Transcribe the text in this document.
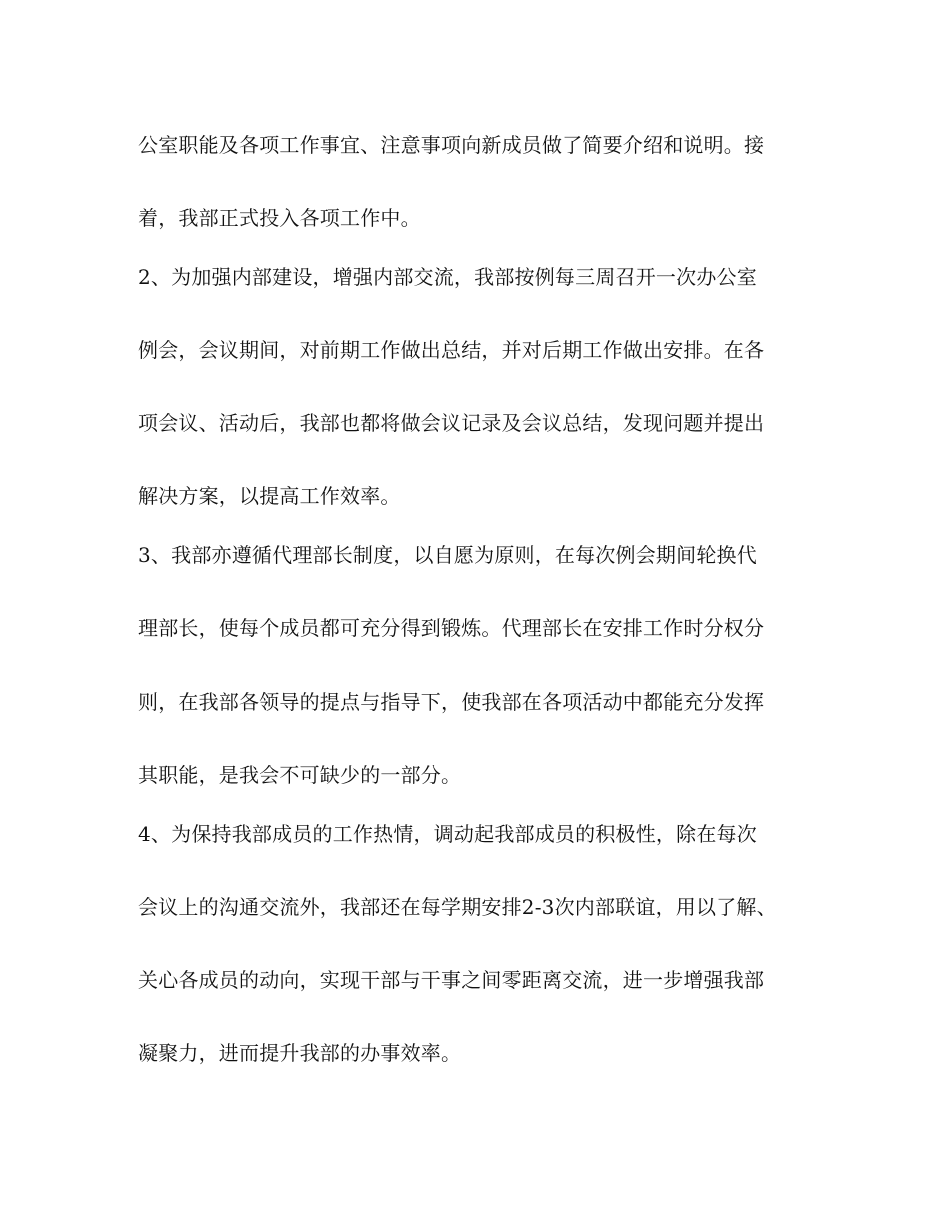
公室职能及各项工作事宜、注意事项向新成员做了简要介绍和说明。接
着，我部正式投入各项工作中。
2、为加强内部建设，增强内部交流，我部按例每三周召开一次办公室
例会，会议期间，对前期工作做出总结，并对后期工作做出安排。在各
项会议、活动后，我部也都将做会议记录及会议总结，发现问题并提出
解决方案，以提高工作效率。
3、我部亦遵循代理部长制度，以自愿为原则，在每次例会期间轮换代
理部长，使每个成员都可充分得到锻炼。代理部长在安排工作时分权分
则，在我部各领导的提点与指导下，使我部在各项活动中都能充分发挥
其职能，是我会不可缺少的一部分。
4、为保持我部成员的工作热情，调动起我部成员的积极性，除在每次
会议上的沟通交流外，我部还在每学期安排2-3次内部联谊，用以了解、
关心各成员的动向，实现干部与干事之间零距离交流，进一步增强我部
凝聚力，进而提升我部的办事效率。
